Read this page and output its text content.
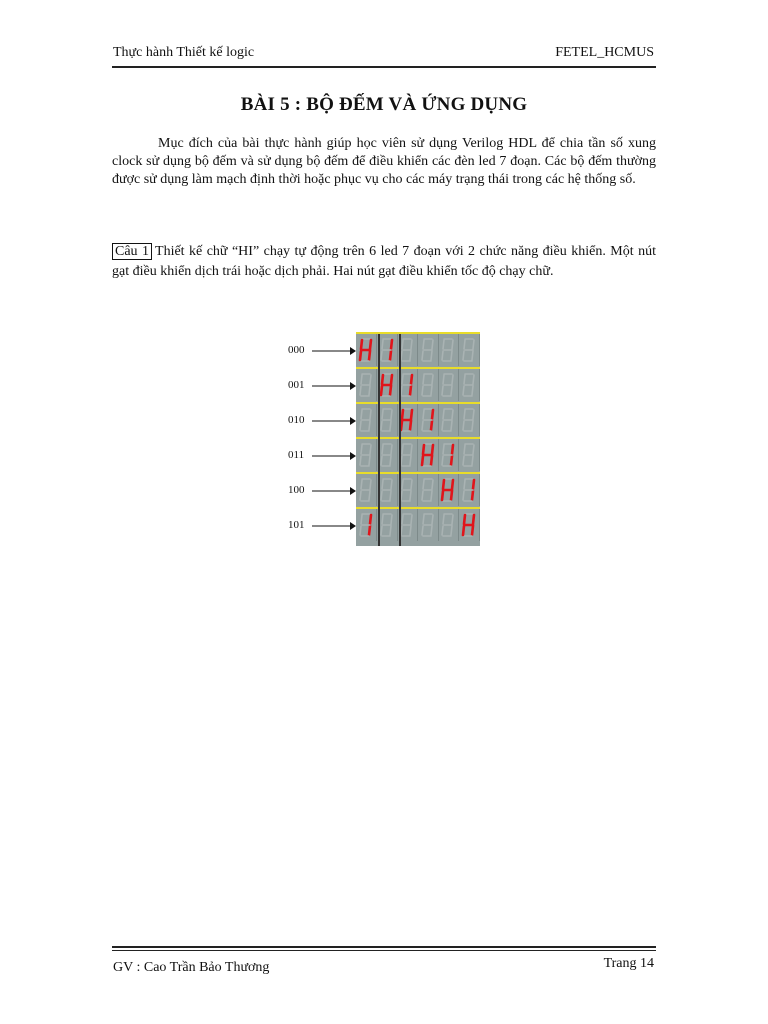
Thực hành Thiết kế logic	FETEL_HCMUS
BÀI 5 : BỘ ĐẾM VÀ ỨNG DỤNG
Mục đích của bài thực hành giúp học viên sử dụng Verilog HDL để chia tần số xung clock sử dụng bộ đếm và sử dụng bộ đếm để điều khiển các đèn led 7 đoạn. Các bộ đếm thường được sử dụng làm mạch định thời hoặc phục vụ cho các máy trạng thái trong các hệ thống số.
Câu 1 Thiết kế chữ “HI” chạy tự động trên 6 led 7 đoạn với 2 chức năng điều khiển. Một nút gạt điều khiển dịch trái hoặc dịch phải. Hai nút gạt điều khiển tốc độ chạy chữ.
000
001
010
011
100
101
GV : Cao Trần Bảo Thương	Trang 14
